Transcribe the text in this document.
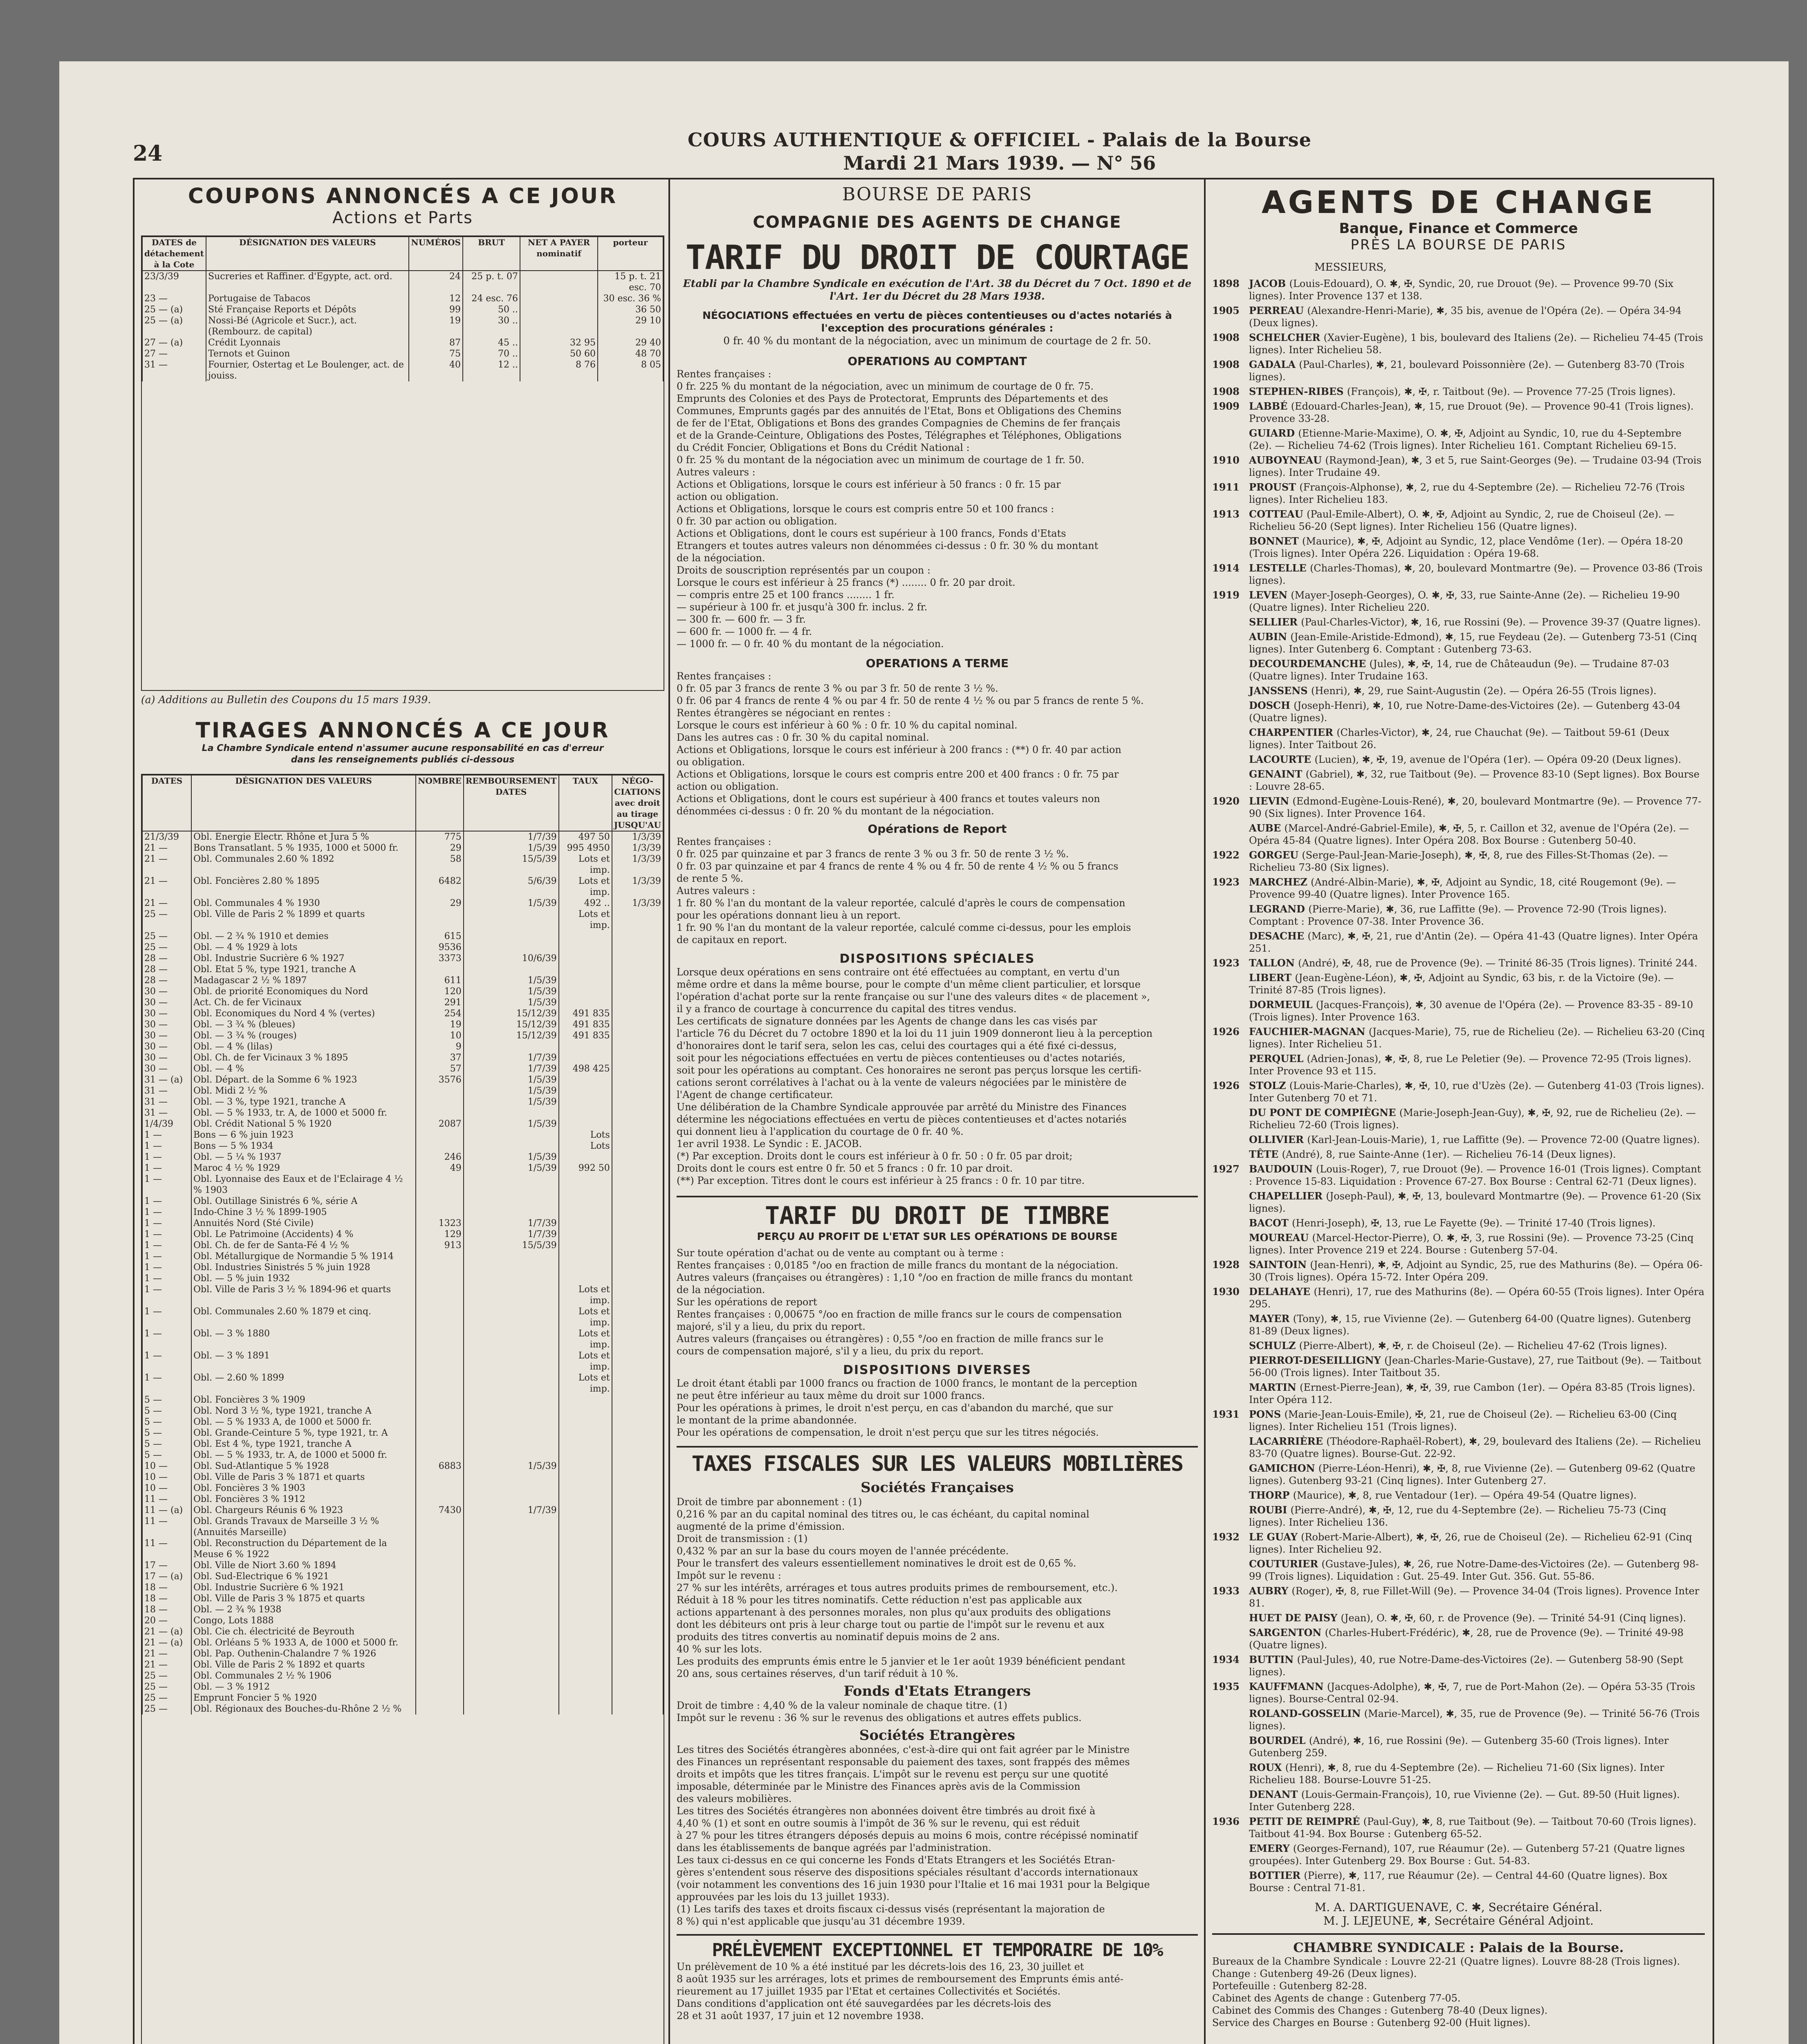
24
COURS AUTHENTIQUE & OFFICIEL - Palais de la Bourse
Mardi 21 Mars 1939. — N° 56
COUPONS ANNONCÉS A CE JOUR
Actions et Parts
DATES de détachement à la Cote	DÉSIGNATION DES VALEURS	NUMÉROS	BRUT	NET A PAYER nominatif	porteur
23/3/39	Sucreries et Raffiner. d'Egypte, act. ord.	24	25 p. t. 07		15 p. t. 21 esc. 70
23 —	Portugaise de Tabacos	12	24 esc. 76		30 esc. 36 %
25 — (a)	Sté Française Reports et Dépôts	99	50 ..		36 50
25 — (a)	Nossi-Bé (Agricole et Sucr.), act.	19	30 ..		29 10
	(Rembourz. de capital)				
27 — (a)	Crédit Lyonnais	87	45 ..	32 95	29 40
27 —	Ternots et Guinon	75	70 ..	50 60	48 70
31 —	Fournier, Ostertag et Le Boulenger, act. de jouiss.	40	12 ..	8 76	8 05
(a) Additions au Bulletin des Coupons du 15 mars 1939.
TIRAGES ANNONCÉS A CE JOUR
La Chambre Syndicale entend n'assumer aucune responsabilité en cas d'erreur dans les renseignements publiés ci-dessous
DATES	DÉSIGNATION DES VALEURS	NOMBRE	REMBOURSEMENT DATES	TAUX	NÉGO-CIATIONS avec droit au tirage JUSQU'AU
21/3/39	Obl. Energie Electr. Rhône et Jura 5 %	775	1/7/39	497 50	1/3/39
21 —	Bons Transatlant. 5 % 1935, 1000 et 5000 fr.	29	1/5/39	995 4950	1/3/39
21 —	Obl. Communales 2.60 % 1892	58	15/5/39	Lots et imp.	1/3/39
21 —	Obl. Foncières 2.80 % 1895	6482	5/6/39	Lots et imp.	1/3/39
21 —	Obl. Communales 4 % 1930	29	1/5/39	492 ..	1/3/39
25 —	Obl. Ville de Paris 2 % 1899 et quarts			Lots et imp.	
25 —	Obl. — 2 ¾ % 1910 et demies	615			
25 —	Obl. — 4 % 1929 à lots	9536			
28 —	Obl. Industrie Sucrière 6 % 1927	3373	10/6/39		
28 —	Obl. Etat 5 %, type 1921, tranche A				
28 —	Madagascar 2 ½ % 1897	611	1/5/39		
30 —	Obl. de priorité Economiques du Nord	120	1/5/39		
30 —	Act. Ch. de fer Vicinaux	291	1/5/39		
30 —	Obl. Economiques du Nord 4 % (vertes)	254	15/12/39	491 835	
30 —	Obl. — 3 ¾ % (bleues)	19	15/12/39	491 835	
30 —	Obl. — 3 ¾ % (rouges)	10	15/12/39	491 835	
30 —	Obl. — 4 % (lilas)	9			
30 —	Obl. Ch. de fer Vicinaux 3 % 1895	37	1/7/39		
30 —	Obl. — 4 %	57	1/7/39	498 425	
31 — (a)	Obl. Départ. de la Somme 6 % 1923	3576	1/5/39		
31 —	Obl. Midi 2 ½ %		1/5/39		
31 —	Obl. — 3 %, type 1921, tranche A		1/5/39		
31 —	Obl. — 5 % 1933, tr. A, de 1000 et 5000 fr.				
1/4/39	Obl. Crédit National 5 % 1920	2087	1/5/39		
1 —	Bons — 6 % juin 1923			Lots	
1 —	Bons — 5 % 1934			Lots	
1 —	Obl. — 5 ¼ % 1937	246	1/5/39		
1 —	Maroc 4 ½ % 1929	49	1/5/39	992 50	
1 —	Obl. Lyonnaise des Eaux et de l'Eclairage 4 ½ % 1903				
1 —	Obl. Outillage Sinistrés 6 %, série A				
1 —	Indo-Chine 3 ½ % 1899-1905				
1 —	Annuités Nord (Sté Civile)	1323	1/7/39		
1 —	Obl. Le Patrimoine (Accidents) 4 %	129	1/7/39		
1 —	Obl. Ch. de fer de Santa-Fé 4 ½ %	913	15/5/39		
1 —	Obl. Métallurgique de Normandie 5 % 1914				
1 —	Obl. Industries Sinistrés 5 % juin 1928				
1 —	Obl. — 5 % juin 1932				
1 —	Obl. Ville de Paris 3 ½ % 1894-96 et quarts			Lots et imp.	
1 —	Obl. Communales 2.60 % 1879 et cinq.			Lots et imp.	
1 —	Obl. — 3 % 1880			Lots et imp.	
1 —	Obl. — 3 % 1891			Lots et imp.	
1 —	Obl. — 2.60 % 1899			Lots et imp.	
5 —	Obl. Foncières 3 % 1909				
5 —	Obl. Nord 3 ½ %, type 1921, tranche A				
5 —	Obl. — 5 % 1933 A, de 1000 et 5000 fr.				
5 —	Obl. Grande-Ceinture 5 %, type 1921, tr. A				
5 —	Obl. Est 4 %, type 1921, tranche A				
5 —	Obl. — 5 % 1933, tr. A, de 1000 et 5000 fr.				
10 —	Obl. Sud-Atlantique 5 % 1928	6883	1/5/39		
10 —	Obl. Ville de Paris 3 % 1871 et quarts				
10 —	Obl. Foncières 3 % 1903				
11 —	Obl. Foncières 3 % 1912				
11 — (a)	Obl. Chargeurs Réunis 6 % 1923	7430	1/7/39		
11 —	Obl. Grands Travaux de Marseille 3 ½ % (Annuités Marseille)				
11 —	Obl. Reconstruction du Département de la Meuse 6 % 1922				
17 —	Obl. Ville de Niort 3.60 % 1894				
17 — (a)	Obl. Sud-Electrique 6 % 1921				
18 —	Obl. Industrie Sucrière 6 % 1921				
18 —	Obl. Ville de Paris 3 % 1875 et quarts				
18 —	Obl. — 2 ¾ % 1938				
20 —	Congo, Lots 1888				
21 — (a)	Obl. Cie ch. électricité de Beyrouth				
21 — (a)	Obl. Orléans 5 % 1933 A, de 1000 et 5000 fr.				
21 —	Obl. Pap. Outhenin-Chalandre 7 % 1926				
21 —	Obl. Ville de Paris 2 % 1892 et quarts				
25 —	Obl. Communales 2 ½ % 1906				
25 —	Obl. — 3 % 1912				
25 —	Emprunt Foncier 5 % 1920				
25 —	Obl. Régionaux des Bouches-du-Rhône 2 ½ %				
BOURSE DE PARIS
COMPAGNIE DES AGENTS DE CHANGE
TARIF DU DROIT DE COURTAGE
Etabli par la Chambre Syndicale en exécution de l'Art. 38 du Décret du 7 Oct. 1890 et de l'Art. 1er du Décret du 28 Mars 1938.
NÉGOCIATIONS effectuées en vertu de pièces contentieuses ou d'actes notariés à l'exception des procurations générales :
0 fr. 40 % du montant de la négociation, avec un minimum de courtage de 2 fr. 50.
OPERATIONS AU COMPTANT
Rentes françaises :
0 fr. 225 % du montant de la négociation, avec un minimum de courtage de 0 fr. 75.
Emprunts des Colonies et des Pays de Protectorat, Emprunts des Départements et des
Communes, Emprunts gagés par des annuités de l'Etat, Bons et Obligations des Chemins
de fer de l'Etat, Obligations et Bons des grandes Compagnies de Chemins de fer français
et de la Grande-Ceinture, Obligations des Postes, Télégraphes et Téléphones, Obligations
du Crédit Foncier, Obligations et Bons du Crédit National :
0 fr. 25 % du montant de la négociation avec un minimum de courtage de 1 fr. 50.
Autres valeurs :
Actions et Obligations, lorsque le cours est inférieur à 50 francs : 0 fr. 15 par
action ou obligation.
Actions et Obligations, lorsque le cours est compris entre 50 et 100 francs :
0 fr. 30 par action ou obligation.
Actions et Obligations, dont le cours est supérieur à 100 francs, Fonds d'Etats
Etrangers et toutes autres valeurs non dénommées ci-dessus : 0 fr. 30 % du montant
de la négociation.
Droits de souscription représentés par un coupon :
Lorsque le cours est inférieur à 25 francs (*) ........ 0 fr. 20 par droit.
— compris entre 25 et 100 francs ........ 1 fr.
— supérieur à 100 fr. et jusqu'à 300 fr. inclus. 2 fr.
— 300 fr. — 600 fr. — 3 fr.
— 600 fr. — 1000 fr. — 4 fr.
— 1000 fr. — 0 fr. 40 % du montant de la négociation.
OPERATIONS A TERME
Rentes françaises :
0 fr. 05 par 3 francs de rente 3 % ou par 3 fr. 50 de rente 3 ½ %.
0 fr. 06 par 4 francs de rente 4 % ou par 4 fr. 50 de rente 4 ½ % ou par 5 francs de rente 5 %.
Rentes étrangères se négociant en rentes :
Lorsque le cours est inférieur à 60 % : 0 fr. 10 % du capital nominal.
Dans les autres cas : 0 fr. 30 % du capital nominal.
Actions et Obligations, lorsque le cours est inférieur à 200 francs : (**) 0 fr. 40 par action
ou obligation.
Actions et Obligations, lorsque le cours est compris entre 200 et 400 francs : 0 fr. 75 par
action ou obligation.
Actions et Obligations, dont le cours est supérieur à 400 francs et toutes valeurs non
dénommées ci-dessus : 0 fr. 20 % du montant de la négociation.
Opérations de Report
Rentes françaises :
0 fr. 025 par quinzaine et par 3 francs de rente 3 % ou 3 fr. 50 de rente 3 ½ %.
0 fr. 03 par quinzaine et par 4 francs de rente 4 % ou 4 fr. 50 de rente 4 ½ % ou 5 francs
de rente 5 %.
Autres valeurs :
1 fr. 80 % l'an du montant de la valeur reportée, calculé d'après le cours de compensation
pour les opérations donnant lieu à un report.
1 fr. 90 % l'an du montant de la valeur reportée, calculé comme ci-dessus, pour les emplois
de capitaux en report.
DISPOSITIONS SPÉCIALES
Lorsque deux opérations en sens contraire ont été effectuées au comptant, en vertu d'un
même ordre et dans la même bourse, pour le compte d'un même client particulier, et lorsque
l'opération d'achat porte sur la rente française ou sur l'une des valeurs dites « de placement »,
il y a franco de courtage à concurrence du capital des titres vendus.
Les certificats de signature données par les Agents de change dans les cas visés par
l'article 76 du Décret du 7 octobre 1890 et la loi du 11 juin 1909 donneront lieu à la perception
d'honoraires dont le tarif sera, selon les cas, celui des courtages qui a été fixé ci-dessus,
soit pour les négociations effectuées en vertu de pièces contentieuses ou d'actes notariés,
soit pour les opérations au comptant. Ces honoraires ne seront pas perçus lorsque les certifi-
cations seront corrélatives à l'achat ou à la vente de valeurs négociées par le ministère de
l'Agent de change certificateur.
Une délibération de la Chambre Syndicale approuvée par arrêté du Ministre des Finances
détermine les négociations effectuées en vertu de pièces contentieuses et d'actes notariés
qui donnent lieu à l'application du courtage de 0 fr. 40 %.
1er avril 1938. Le Syndic : E. JACOB.
(*) Par exception. Droits dont le cours est inférieur à 0 fr. 50 : 0 fr. 05 par droit;
Droits dont le cours est entre 0 fr. 50 et 5 francs : 0 fr. 10 par droit.
(**) Par exception. Titres dont le cours est inférieur à 25 francs : 0 fr. 10 par titre.
TARIF DU DROIT DE TIMBRE
PERÇU AU PROFIT DE L'ETAT SUR LES OPÉRATIONS DE BOURSE
Sur toute opération d'achat ou de vente au comptant ou à terme :
Rentes françaises : 0,0185 °/oo en fraction de mille francs du montant de la négociation.
Autres valeurs (françaises ou étrangères) : 1,10 °/oo en fraction de mille francs du montant
de la négociation.
Sur les opérations de report
Rentes françaises : 0,00675 °/oo en fraction de mille francs sur le cours de compensation
majoré, s'il y a lieu, du prix du report.
Autres valeurs (françaises ou étrangères) : 0,55 °/oo en fraction de mille francs sur le
cours de compensation majoré, s'il y a lieu, du prix du report.
DISPOSITIONS DIVERSES
Le droit étant établi par 1000 francs ou fraction de 1000 francs, le montant de la perception
ne peut être inférieur au taux même du droit sur 1000 francs.
Pour les opérations à primes, le droit n'est perçu, en cas d'abandon du marché, que sur
le montant de la prime abandonnée.
Pour les opérations de compensation, le droit n'est perçu que sur les titres négociés.
TAXES FISCALES SUR LES VALEURS MOBILIÈRES
Sociétés Françaises
Droit de timbre par abonnement : (1)
0,216 % par an du capital nominal des titres ou, le cas échéant, du capital nominal
augmenté de la prime d'émission.
Droit de transmission : (1)
0,432 % par an sur la base du cours moyen de l'année précédente.
Pour le transfert des valeurs essentiellement nominatives le droit est de 0,65 %.
Impôt sur le revenu :
27 % sur les intérêts, arrérages et tous autres produits primes de remboursement, etc.).
Réduit à 18 % pour les titres nominatifs. Cette réduction n'est pas applicable aux
actions appartenant à des personnes morales, non plus qu'aux produits des obligations
dont les débiteurs ont pris à leur charge tout ou partie de l'impôt sur le revenu et aux
produits des titres convertis au nominatif depuis moins de 2 ans.
40 % sur les lots.
Les produits des emprunts émis entre le 5 janvier et le 1er août 1939 bénéficient pendant
20 ans, sous certaines réserves, d'un tarif réduit à 10 %.
Fonds d'Etats Etrangers
Droit de timbre : 4,40 % de la valeur nominale de chaque titre. (1)
Impôt sur le revenu : 36 % sur le revenus des obligations et autres effets publics.
Sociétés Etrangères
Les titres des Sociétés étrangères abonnées, c'est-à-dire qui ont fait agréer par le Ministre
des Finances un représentant responsable du paiement des taxes, sont frappés des mêmes
droits et impôts que les titres français. L'impôt sur le revenu est perçu sur une quotité
imposable, déterminée par le Ministre des Finances après avis de la Commission
des valeurs mobilières.
Les titres des Sociétés étrangères non abonnées doivent être timbrés au droit fixé à
4,40 % (1) et sont en outre soumis à l'impôt de 36 % sur le revenu, qui est réduit
à 27 % pour les titres étrangers déposés depuis au moins 6 mois, contre récépissé nominatif
dans les établissements de banque agréés par l'administration.
Les taux ci-dessus en ce qui concerne les Fonds d'Etats Etrangers et les Sociétés Etran-
gères s'entendent sous réserve des dispositions spéciales résultant d'accords internationaux
(voir notamment les conventions des 16 juin 1930 pour l'Italie et 16 mai 1931 pour la Belgique
approuvées par les lois du 13 juillet 1933).
(1) Les tarifs des taxes et droits fiscaux ci-dessus visés (représentant la majoration de
8 %) qui n'est applicable que jusqu'au 31 décembre 1939.
PRÉLÈVEMENT EXCEPTIONNEL ET TEMPORAIRE DE 10%
Un prélèvement de 10 % a été institué par les décrets-lois des 16, 23, 30 juillet et
8 août 1935 sur les arrérages, lots et primes de remboursement des Emprunts émis anté-
rieurement au 17 juillet 1935 par l'Etat et certaines Collectivités et Sociétés.
Dans conditions d'application ont été sauvegardées par les décrets-lois des
28 et 31 août 1937, 17 juin et 12 novembre 1938.
AGENTS DE CHANGE
Banque, Finance et Commerce
PRÈS LA BOURSE DE PARIS
MESSIEURS,
1898 JACOB (Louis-Edouard), O. ✱, ✠, Syndic, 20, rue Drouot (9e). — Provence 99-70 (Six lignes). Inter Provence 137 et 138.
1905 PERREAU (Alexandre-Henri-Marie), ✱, 35 bis, avenue de l'Opéra (2e). — Opéra 34-94 (Deux lignes).
1908 SCHELCHER (Xavier-Eugène), 1 bis, boulevard des Italiens (2e). — Richelieu 74-45 (Trois lignes). Inter Richelieu 58.
1908 GADALA (Paul-Charles), ✱, 21, boulevard Poissonnière (2e). — Gutenberg 83-70 (Trois lignes).
1908 STEPHEN-RIBES (François), ✱, ✠, r. Taitbout (9e). — Provence 77-25 (Trois lignes).
1909 LABBÉ (Edouard-Charles-Jean), ✱, 15, rue Drouot (9e). — Provence 90-41 (Trois lignes). Provence 33-28.
GUIARD (Etienne-Marie-Maxime), O. ✱, ✠, Adjoint au Syndic, 10, rue du 4-Septembre (2e). — Richelieu 74-62 (Trois lignes). Inter Richelieu 161. Comptant Richelieu 69-15.
1910 AUBOYNEAU (Raymond-Jean), ✱, 3 et 5, rue Saint-Georges (9e). — Trudaine 03-94 (Trois lignes). Inter Trudaine 49.
1911 PROUST (François-Alphonse), ✱, 2, rue du 4-Septembre (2e). — Richelieu 72-76 (Trois lignes). Inter Richelieu 183.
1913 COTTEAU (Paul-Emile-Albert), O. ✱, ✠, Adjoint au Syndic, 2, rue de Choiseul (2e). — Richelieu 56-20 (Sept lignes). Inter Richelieu 156 (Quatre lignes).
BONNET (Maurice), ✱, ✠, Adjoint au Syndic, 12, place Vendôme (1er). — Opéra 18-20 (Trois lignes). Inter Opéra 226. Liquidation : Opéra 19-68.
1914 LESTELLE (Charles-Thomas), ✱, 20, boulevard Montmartre (9e). — Provence 03-86 (Trois lignes).
1919 LEVEN (Mayer-Joseph-Georges), O. ✱, ✠, 33, rue Sainte-Anne (2e). — Richelieu 19-90 (Quatre lignes). Inter Richelieu 220.
SELLIER (Paul-Charles-Victor), ✱, 16, rue Rossini (9e). — Provence 39-37 (Quatre lignes).
AUBIN (Jean-Emile-Aristide-Edmond), ✱, 15, rue Feydeau (2e). — Gutenberg 73-51 (Cinq lignes). Inter Gutenberg 6. Comptant : Gutenberg 73-63.
DECOURDEMANCHE (Jules), ✱, ✠, 14, rue de Châteaudun (9e). — Trudaine 87-03 (Quatre lignes). Inter Trudaine 163.
JANSSENS (Henri), ✱, 29, rue Saint-Augustin (2e). — Opéra 26-55 (Trois lignes).
DOSCH (Joseph-Henri), ✱, 10, rue Notre-Dame-des-Victoires (2e). — Gutenberg 43-04 (Quatre lignes).
CHARPENTIER (Charles-Victor), ✱, 24, rue Chauchat (9e). — Taitbout 59-61 (Deux lignes). Inter Taitbout 26.
LACOURTE (Lucien), ✱, ✠, 19, avenue de l'Opéra (1er). — Opéra 09-20 (Deux lignes).
GENAINT (Gabriel), ✱, 32, rue Taitbout (9e). — Provence 83-10 (Sept lignes). Box Bourse : Louvre 28-65.
1920 LIEVIN (Edmond-Eugène-Louis-René), ✱, 20, boulevard Montmartre (9e). — Provence 77-90 (Six lignes). Inter Provence 164.
AUBE (Marcel-André-Gabriel-Emile), ✱, ✠, 5, r. Caillon et 32, avenue de l'Opéra (2e). — Opéra 45-84 (Quatre lignes). Inter Opéra 208. Box Bourse : Gutenberg 50-40.
1922 GORGEU (Serge-Paul-Jean-Marie-Joseph), ✱, ✠, 8, rue des Filles-St-Thomas (2e). — Richelieu 73-80 (Six lignes).
1923 MARCHEZ (André-Albin-Marie), ✱, ✠, Adjoint au Syndic, 18, cité Rougemont (9e). — Provence 99-40 (Quatre lignes). Inter Provence 165.
LEGRAND (Pierre-Marie), ✱, 36, rue Laffitte (9e). — Provence 72-90 (Trois lignes). Comptant : Provence 07-38. Inter Provence 36.
DESACHE (Marc), ✱, ✠, 21, rue d'Antin (2e). — Opéra 41-43 (Quatre lignes). Inter Opéra 251.
1923 TALLON (André), ✠, 48, rue de Provence (9e). — Trinité 86-35 (Trois lignes). Trinité 244.
LIBERT (Jean-Eugène-Léon), ✱, ✠, Adjoint au Syndic, 63 bis, r. de la Victoire (9e). — Trinité 87-85 (Trois lignes).
DORMEUIL (Jacques-François), ✱, 30 avenue de l'Opéra (2e). — Provence 83-35 - 89-10 (Trois lignes). Inter Provence 163.
1926 FAUCHIER-MAGNAN (Jacques-Marie), 75, rue de Richelieu (2e). — Richelieu 63-20 (Cinq lignes). Inter Richelieu 51.
PERQUEL (Adrien-Jonas), ✱, ✠, 8, rue Le Peletier (9e). — Provence 72-95 (Trois lignes). Inter Provence 93 et 115.
1926 STOLZ (Louis-Marie-Charles), ✱, ✠, 10, rue d'Uzès (2e). — Gutenberg 41-03 (Trois lignes). Inter Gutenberg 70 et 71.
DU PONT DE COMPIÈGNE (Marie-Joseph-Jean-Guy), ✱, ✠, 92, rue de Richelieu (2e). — Richelieu 72-60 (Trois lignes).
OLLIVIER (Karl-Jean-Louis-Marie), 1, rue Laffitte (9e). — Provence 72-00 (Quatre lignes).
TÊTE (André), 8, rue Sainte-Anne (1er). — Richelieu 76-14 (Deux lignes).
1927 BAUDOUIN (Louis-Roger), 7, rue Drouot (9e). — Provence 16-01 (Trois lignes). Comptant : Provence 15-83. Liquidation : Provence 67-27. Box Bourse : Central 62-71 (Deux lignes).
CHAPELLIER (Joseph-Paul), ✱, ✠, 13, boulevard Montmartre (9e). — Provence 61-20 (Six lignes).
BACOT (Henri-Joseph), ✠, 13, rue Le Fayette (9e). — Trinité 17-40 (Trois lignes).
MOUREAU (Marcel-Hector-Pierre), O. ✱, ✠, 3, rue Rossini (9e). — Provence 73-25 (Cinq lignes). Inter Provence 219 et 224. Bourse : Gutenberg 57-04.
1928 SAINTOIN (Jean-Henri), ✱, ✠, Adjoint au Syndic, 25, rue des Mathurins (8e). — Opéra 06-30 (Trois lignes). Opéra 15-72. Inter Opéra 209.
1930 DELAHAYE (Henri), 17, rue des Mathurins (8e). — Opéra 60-55 (Trois lignes). Inter Opéra 295.
MAYER (Tony), ✱, 15, rue Vivienne (2e). — Gutenberg 64-00 (Quatre lignes). Gutenberg 81-89 (Deux lignes).
SCHULZ (Pierre-Albert), ✱, ✠, r. de Choiseul (2e). — Richelieu 47-62 (Trois lignes).
PIERROT-DESEILLIGNY (Jean-Charles-Marie-Gustave), 27, rue Taitbout (9e). — Taitbout 56-00 (Trois lignes). Inter Taitbout 35.
MARTIN (Ernest-Pierre-Jean), ✱, ✠, 39, rue Cambon (1er). — Opéra 83-85 (Trois lignes). Inter Opéra 112.
1931 PONS (Marie-Jean-Louis-Emile), ✠, 21, rue de Choiseul (2e). — Richelieu 63-00 (Cinq lignes). Inter Richelieu 151 (Trois lignes).
LACARRIÈRE (Théodore-Raphaël-Robert), ✱, 29, boulevard des Italiens (2e). — Richelieu 83-70 (Quatre lignes). Bourse-Gut. 22-92.
GAMICHON (Pierre-Léon-Henri), ✱, ✠, 8, rue Vivienne (2e). — Gutenberg 09-62 (Quatre lignes). Gutenberg 93-21 (Cinq lignes). Inter Gutenberg 27.
THORP (Maurice), ✱, 8, rue Ventadour (1er). — Opéra 49-54 (Quatre lignes).
ROUBI (Pierre-André), ✱, ✠, 12, rue du 4-Septembre (2e). — Richelieu 75-73 (Cinq lignes). Inter Richelieu 136.
1932 LE GUAY (Robert-Marie-Albert), ✱, ✠, 26, rue de Choiseul (2e). — Richelieu 62-91 (Cinq lignes). Inter Richelieu 92.
COUTURIER (Gustave-Jules), ✱, 26, rue Notre-Dame-des-Victoires (2e). — Gutenberg 98-99 (Trois lignes). Liquidation : Gut. 25-49. Inter Gut. 356. Gut. 55-86.
1933 AUBRY (Roger), ✠, 8, rue Fillet-Will (9e). — Provence 34-04 (Trois lignes). Provence Inter 81.
HUET DE PAISY (Jean), O. ✱, ✠, 60, r. de Provence (9e). — Trinité 54-91 (Cinq lignes).
SARGENTON (Charles-Hubert-Frédéric), ✱, 28, rue de Provence (9e). — Trinité 49-98 (Quatre lignes).
1934 BUTTIN (Paul-Jules), 40, rue Notre-Dame-des-Victoires (2e). — Gutenberg 58-90 (Sept lignes).
1935 KAUFFMANN (Jacques-Adolphe), ✱, ✠, 7, rue de Port-Mahon (2e). — Opéra 53-35 (Trois lignes). Bourse-Central 02-94.
ROLAND-GOSSELIN (Marie-Marcel), ✱, 35, rue de Provence (9e). — Trinité 56-76 (Trois lignes).
BOURDEL (André), ✱, 16, rue Rossini (9e). — Gutenberg 35-60 (Trois lignes). Inter Gutenberg 259.
ROUX (Henri), ✱, 8, rue du 4-Septembre (2e). — Richelieu 71-60 (Six lignes). Inter Richelieu 188. Bourse-Louvre 51-25.
DENANT (Louis-Germain-François), 10, rue Vivienne (2e). — Gut. 89-50 (Huit lignes). Inter Gutenberg 228.
1936 PETIT DE REIMPRÉ (Paul-Guy), ✱, 8, rue Taitbout (9e). — Taitbout 70-60 (Trois lignes). Taitbout 41-94. Box Bourse : Gutenberg 65-52.
EMERY (Georges-Fernand), 107, rue Réaumur (2e). — Gutenberg 57-21 (Quatre lignes groupées). Inter Gutenberg 29. Box Bourse : Gut. 54-83.
BOTTIER (Pierre), ✱, 117, rue Réaumur (2e). — Central 44-60 (Quatre lignes). Box Bourse : Central 71-81.
M. A. DARTIGUENAVE, C. ✱, Secrétaire Général.
M. J. LEJEUNE, ✱, Secrétaire Général Adjoint.
CHAMBRE SYNDICALE : Palais de la Bourse.
Bureaux de la Chambre Syndicale : Louvre 22-21 (Quatre lignes). Louvre 88-28 (Trois lignes).
Change : Gutenberg 49-26 (Deux lignes).
Portefeuille : Gutenberg 82-28.
Cabinet des Agents de change : Gutenberg 77-05.
Cabinet des Commis des Changes : Gutenberg 78-40 (Deux lignes).
Service des Charges en Bourse : Gutenberg 92-00 (Huit lignes).
